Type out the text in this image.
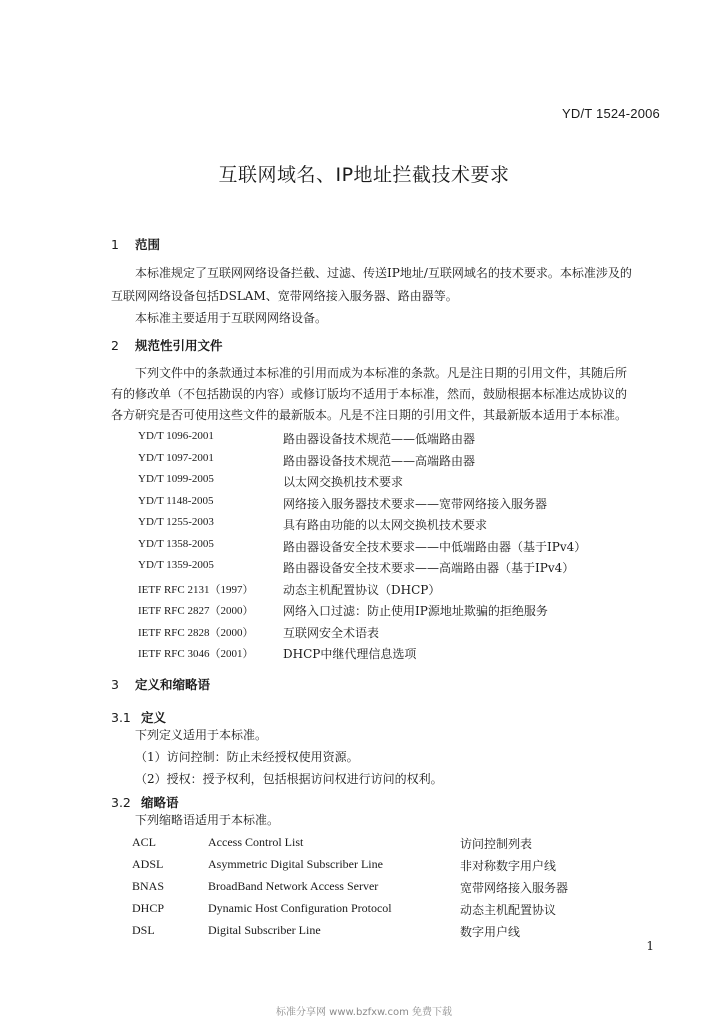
YD/T 1524-2006
互联网域名、IP地址拦截技术要求
1 范围
本标准规定了互联网网络设备拦截、过滤、传送IP地址/互联网域名的技术要求。本标准涉及的
互联网网络设备包括DSLAM、宽带网络接入服务器、路由器等。
本标准主要适用于互联网网络设备。
2 规范性引用文件
下列文件中的条款通过本标准的引用而成为本标准的条款。凡是注日期的引用文件，其随后所
有的修改单（不包括勘误的内容）或修订版均不适用于本标准，然而，鼓励根据本标准达成协议的
各方研究是否可使用这些文件的最新版本。凡是不注日期的引用文件，其最新版本适用于本标准。
YD/T 1096-2001	路由器设备技术规范——低端路由器
YD/T 1097-2001	路由器设备技术规范——高端路由器
YD/T 1099-2005	以太网交换机技术要求
YD/T 1148-2005	网络接入服务器技术要求——宽带网络接入服务器
YD/T 1255-2003	具有路由功能的以太网交换机技术要求
YD/T 1358-2005	路由器设备安全技术要求——中低端路由器（基于IPv4）
YD/T 1359-2005	路由器设备安全技术要求——高端路由器（基于IPv4）
IETF RFC 2131（1997）	动态主机配置协议（DHCP）
IETF RFC 2827（2000）	网络入口过滤：防止使用IP源地址欺骗的拒绝服务
IETF RFC 2828（2000）	互联网安全术语表
IETF RFC 3046（2001）	DHCP中继代理信息选项
3 定义和缩略语
3.1 定义
下列定义适用于本标准。
（1）访问控制：防止未经授权使用资源。
（2）授权：授予权利，包括根据访问权进行访问的权利。
3.2 缩略语
下列缩略语适用于本标准。
ACL	Access Control List	访问控制列表
ADSL	Asymmetric Digital Subscriber Line	非对称数字用户线
BNAS	BroadBand Network Access Server	宽带网络接入服务器
DHCP	Dynamic Host Configuration Protocol	动态主机配置协议
DSL	Digital Subscriber Line	数字用户线
1
标准分享网 www.bzfxw.com 免费下载
